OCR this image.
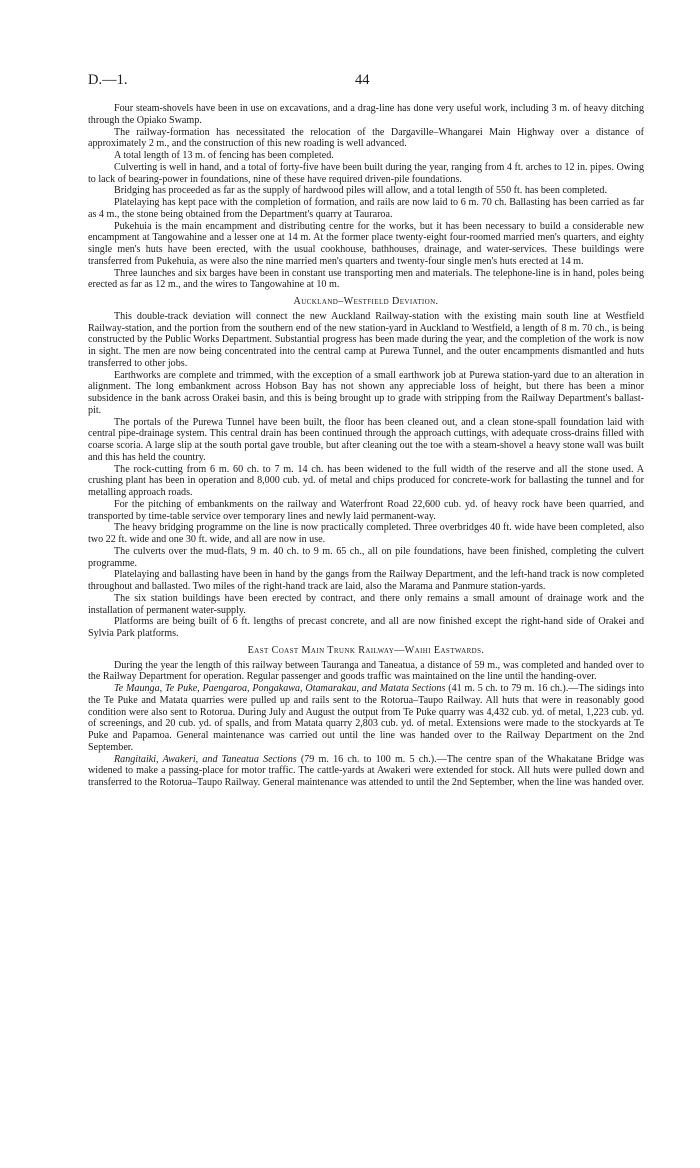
D.—1.	44

Four steam-shovels have been in use on excavations, and a drag-line has done very useful work, including 3 m. of heavy ditching through the Opiako Swamp.

The railway-formation has necessitated the relocation of the Dargaville–Whangarei Main Highway over a distance of approximately 2 m., and the construction of this new roading is well advanced.

A total length of 13 m. of fencing has been completed.

Culverting is well in hand, and a total of forty-five have been built during the year, ranging from 4 ft. arches to 12 in. pipes. Owing to lack of bearing-power in foundations, nine of these have required driven-pile foundations.

Bridging has proceeded as far as the supply of hardwood piles will allow, and a total length of 550 ft. has been completed.

Platelaying has kept pace with the completion of formation, and rails are now laid to 6 m. 70 ch. Ballasting has been carried as far as 4 m., the stone being obtained from the Department's quarry at Tauraroa.

Pukehuia is the main encampment and distributing centre for the works, but it has been necessary to build a considerable new encampment at Tangowahine and a lesser one at 14 m. At the former place twenty-eight four-roomed married men's quarters, and eighty single men's huts have been erected, with the usual cookhouse, bathhouses, drainage, and water-services. These buildings were transferred from Pukehuia, as were also the nine married men's quarters and twenty-four single men's huts erected at 14 m.

Three launches and six barges have been in constant use transporting men and materials. The telephone-line is in hand, poles being erected as far as 12 m., and the wires to Tangowahine at 10 m.

Auckland–Westfield Deviation.

This double-track deviation will connect the new Auckland Railway-station with the existing main south line at Westfield Railway-station, and the portion from the southern end of the new station-yard in Auckland to Westfield, a length of 8 m. 70 ch., is being constructed by the Public Works Department. Substantial progress has been made during the year, and the completion of the work is now in sight. The men are now being concentrated into the central camp at Purewa Tunnel, and the outer encampments dismantled and huts transferred to other jobs.

Earthworks are complete and trimmed, with the exception of a small earthwork job at Purewa station-yard due to an alteration in alignment. The long embankment across Hobson Bay has not shown any appreciable loss of height, but there has been a minor subsidence in the bank across Orakei basin, and this is being brought up to grade with stripping from the Railway Department's ballast-pit.

The portals of the Purewa Tunnel have been built, the floor has been cleaned out, and a clean stone-spall foundation laid with central pipe-drainage system. This central drain has been continued through the approach cuttings, with adequate cross-drains filled with coarse scoria. A large slip at the south portal gave trouble, but after cleaning out the toe with a steam-shovel a heavy stone wall was built and this has held the country.

The rock-cutting from 6 m. 60 ch. to 7 m. 14 ch. has been widened to the full width of the reserve and all the stone used. A crushing plant has been in operation and 8,000 cub. yd. of metal and chips produced for concrete-work for ballasting the tunnel and for metalling approach roads.

For the pitching of embankments on the railway and Waterfront Road 22,600 cub. yd. of heavy rock have been quarried, and transported by time-table service over temporary lines and newly laid permanent-way.

The heavy bridging programme on the line is now practically completed. Three overbridges 40 ft. wide have been completed, also two 22 ft. wide and one 30 ft. wide, and all are now in use.

The culverts over the mud-flats, 9 m. 40 ch. to 9 m. 65 ch., all on pile foundations, have been finished, completing the culvert programme.

Platelaying and ballasting have been in hand by the gangs from the Railway Department, and the left-hand track is now completed throughout and ballasted. Two miles of the right-hand track are laid, also the Marama and Panmure station-yards.

The six station buildings have been erected by contract, and there only remains a small amount of drainage work and the installation of permanent water-supply.

Platforms are being built of 6 ft. lengths of precast concrete, and all are now finished except the right-hand side of Orakei and Sylvia Park platforms.

East Coast Main Trunk Railway—Waihi Eastwards.

During the year the length of this railway between Tauranga and Taneatua, a distance of 59 m., was completed and handed over to the Railway Department for operation. Regular passenger and goods traffic was maintained on the line until the handing-over.

Te Maunga, Te Puke, Paengaroa, Pongakawa, Otamarakau, and Matata Sections (41 m. 5 ch. to 79 m. 16 ch.).—The sidings into the Te Puke and Matata quarries were pulled up and rails sent to the Rotorua–Taupo Railway. All huts that were in reasonably good condition were also sent to Rotorua. During July and August the output from Te Puke quarry was 4,432 cub. yd. of metal, 1,223 cub. yd. of screenings, and 20 cub. yd. of spalls, and from Matata quarry 2,803 cub. yd. of metal. Extensions were made to the stockyards at Te Puke and Papamoa. General maintenance was carried out until the line was handed over to the Railway Department on the 2nd September.

Rangitaiki, Awakeri, and Taneatua Sections (79 m. 16 ch. to 100 m. 5 ch.).—The centre span of the Whakatane Bridge was widened to make a passing-place for motor traffic. The cattle-yards at Awakeri were extended for stock. All huts were pulled down and transferred to the Rotorua–Taupo Railway. General maintenance was attended to until the 2nd September, when the line was handed over.
